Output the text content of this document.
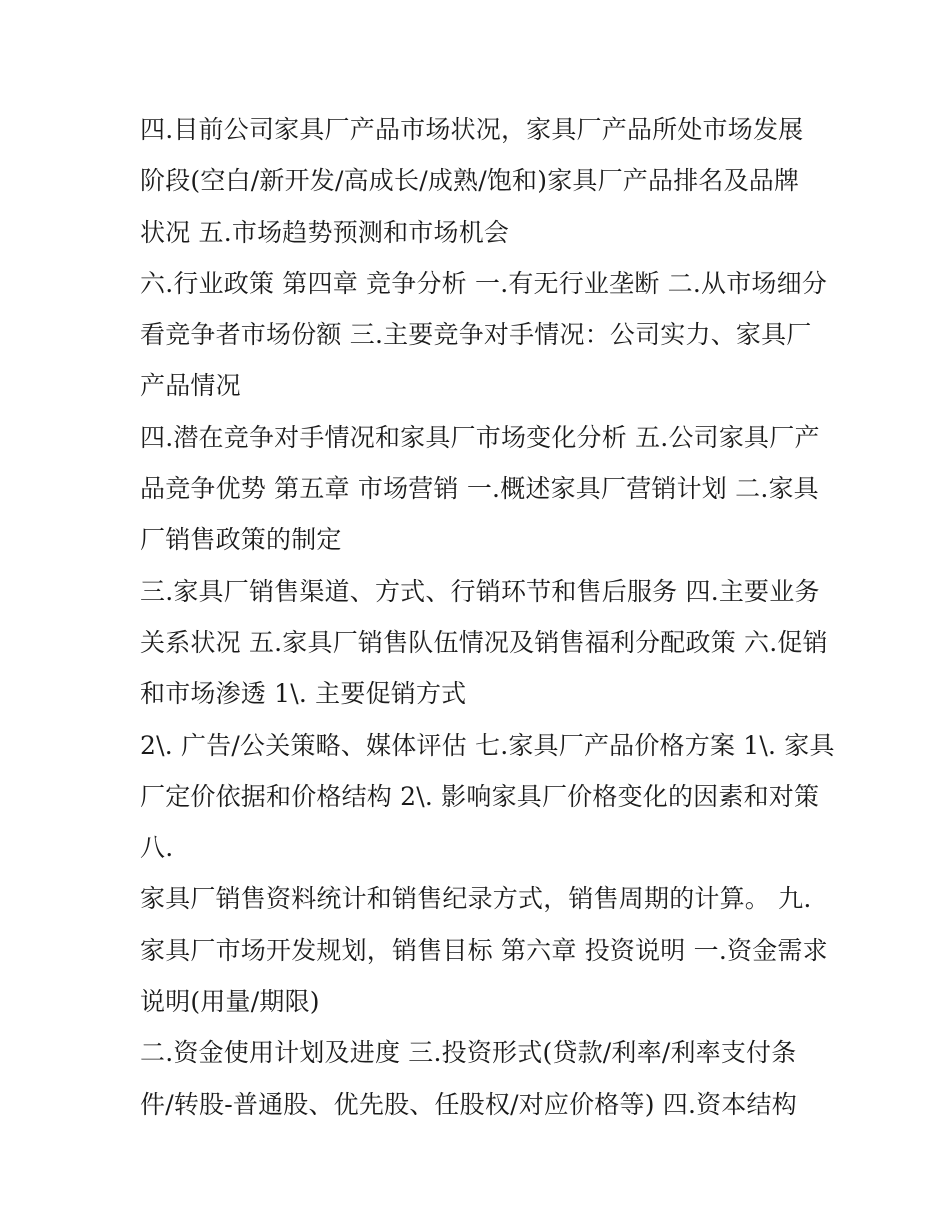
四.目前公司家具厂产品市场状况，家具厂产品所处市场发展
阶段(空白/新开发/高成长/成熟/饱和)家具厂产品排名及品牌
状况 五.市场趋势预测和市场机会
六.行业政策 第四章 竞争分析 一.有无行业垄断 二.从市场细分
看竞争者市场份额 三.主要竞争对手情况：公司实力、家具厂
产品情况
四.潜在竞争对手情况和家具厂市场变化分析 五.公司家具厂产
品竞争优势 第五章 市场营销 一.概述家具厂营销计划 二.家具
厂销售政策的制定
三.家具厂销售渠道、方式、行销环节和售后服务 四.主要业务
关系状况 五.家具厂销售队伍情况及销售福利分配政策 六.促销
和市场渗透 1\. 主要促销方式
2\. 广告/公关策略、媒体评估 七.家具厂产品价格方案 1\. 家具
厂定价依据和价格结构 2\. 影响家具厂价格变化的因素和对策
八.
家具厂销售资料统计和销售纪录方式，销售周期的计算。 九.
家具厂市场开发规划，销售目标 第六章 投资说明 一.资金需求
说明(用量/期限)
二.资金使用计划及进度 三.投资形式(贷款/利率/利率支付条
件/转股-普通股、优先股、任股权/对应价格等) 四.资本结构
